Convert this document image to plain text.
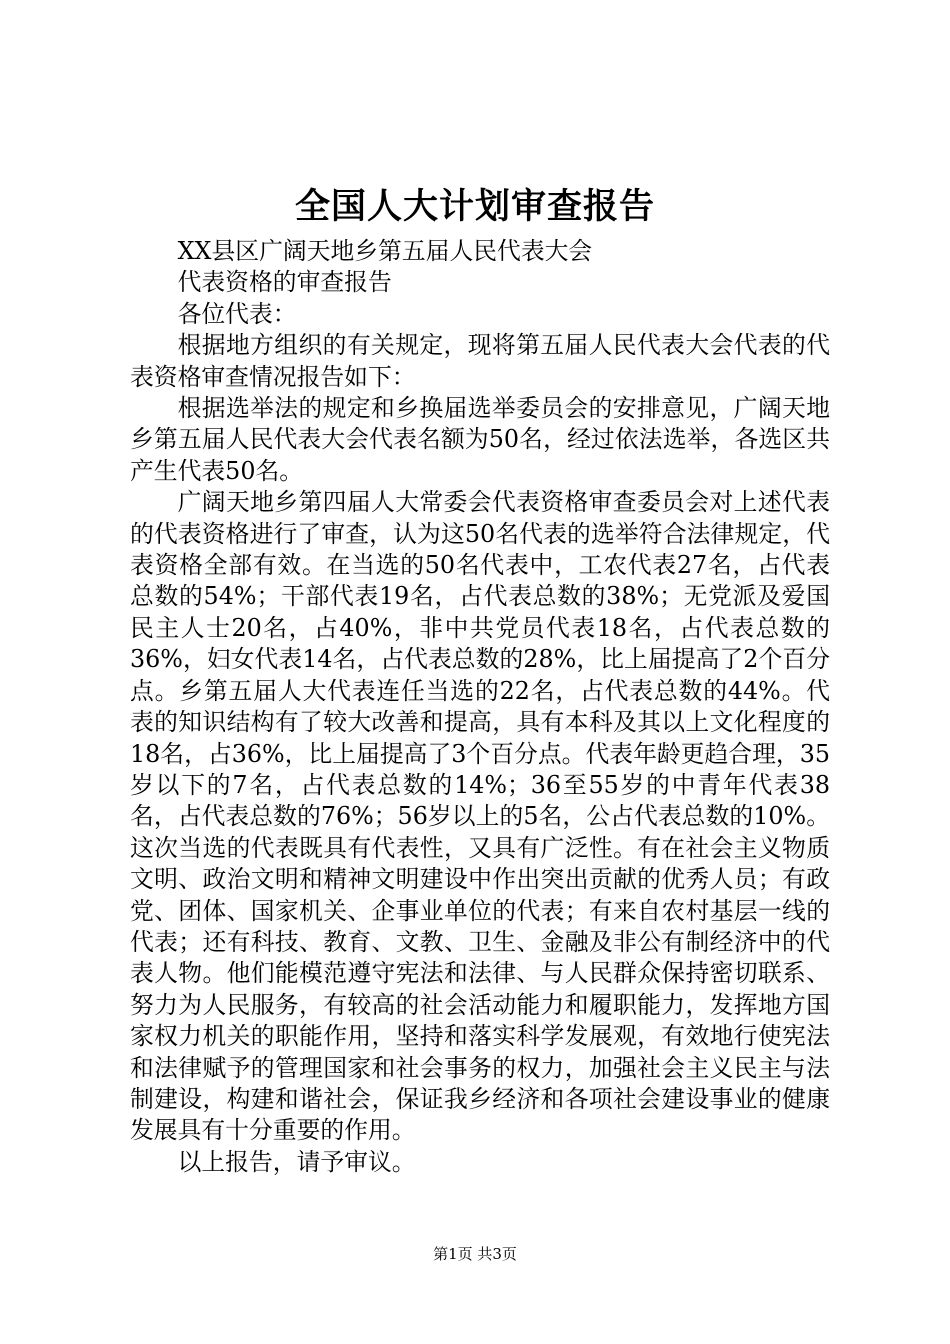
全国人大计划审查报告

XX县区广阔天地乡第五届人民代表大会

代表资格的审查报告

各位代表：

根据地方组织的有关规定，现将第五届人民代表大会代表的代表资格审查情况报告如下：

根据选举法的规定和乡换届选举委员会的安排意见，广阔天地乡第五届人民代表大会代表名额为50名，经过依法选举，各选区共产生代表50名。

广阔天地乡第四届人大常委会代表资格审查委员会对上述代表的代表资格进行了审查，认为这50名代表的选举符合法律规定，代表资格全部有效。在当选的50名代表中，工农代表27名，占代表总数的54%；干部代表19名，占代表总数的38%；无党派及爱国民主人士20名，占40%，非中共党员代表18名，占代表总数的36%，妇女代表14名，占代表总数的28%，比上届提高了2个百分点。乡第五届人大代表连任当选的22名，占代表总数的44%。代表的知识结构有了较大改善和提高，具有本科及其以上文化程度的18名，占36%，比上届提高了3个百分点。代表年龄更趋合理，35岁以下的7名，占代表总数的14%；36至55岁的中青年代表38名，占代表总数的76%；56岁以上的5名，公占代表总数的10%。这次当选的代表既具有代表性，又具有广泛性。有在社会主义物质文明、政治文明和精神文明建设中作出突出贡献的优秀人员；有政党、团体、国家机关、企事业单位的代表；有来自农村基层一线的代表；还有科技、教育、文教、卫生、金融及非公有制经济中的代表人物。他们能模范遵守宪法和法律、与人民群众保持密切联系、努力为人民服务，有较高的社会活动能力和履职能力，发挥地方国家权力机关的职能作用，坚持和落实科学发展观，有效地行使宪法和法律赋予的管理国家和社会事务的权力，加强社会主义民主与法制建设，构建和谐社会，保证我乡经济和各项社会建设事业的健康发展具有十分重要的作用。

以上报告，请予审议。

第1页 共3页
